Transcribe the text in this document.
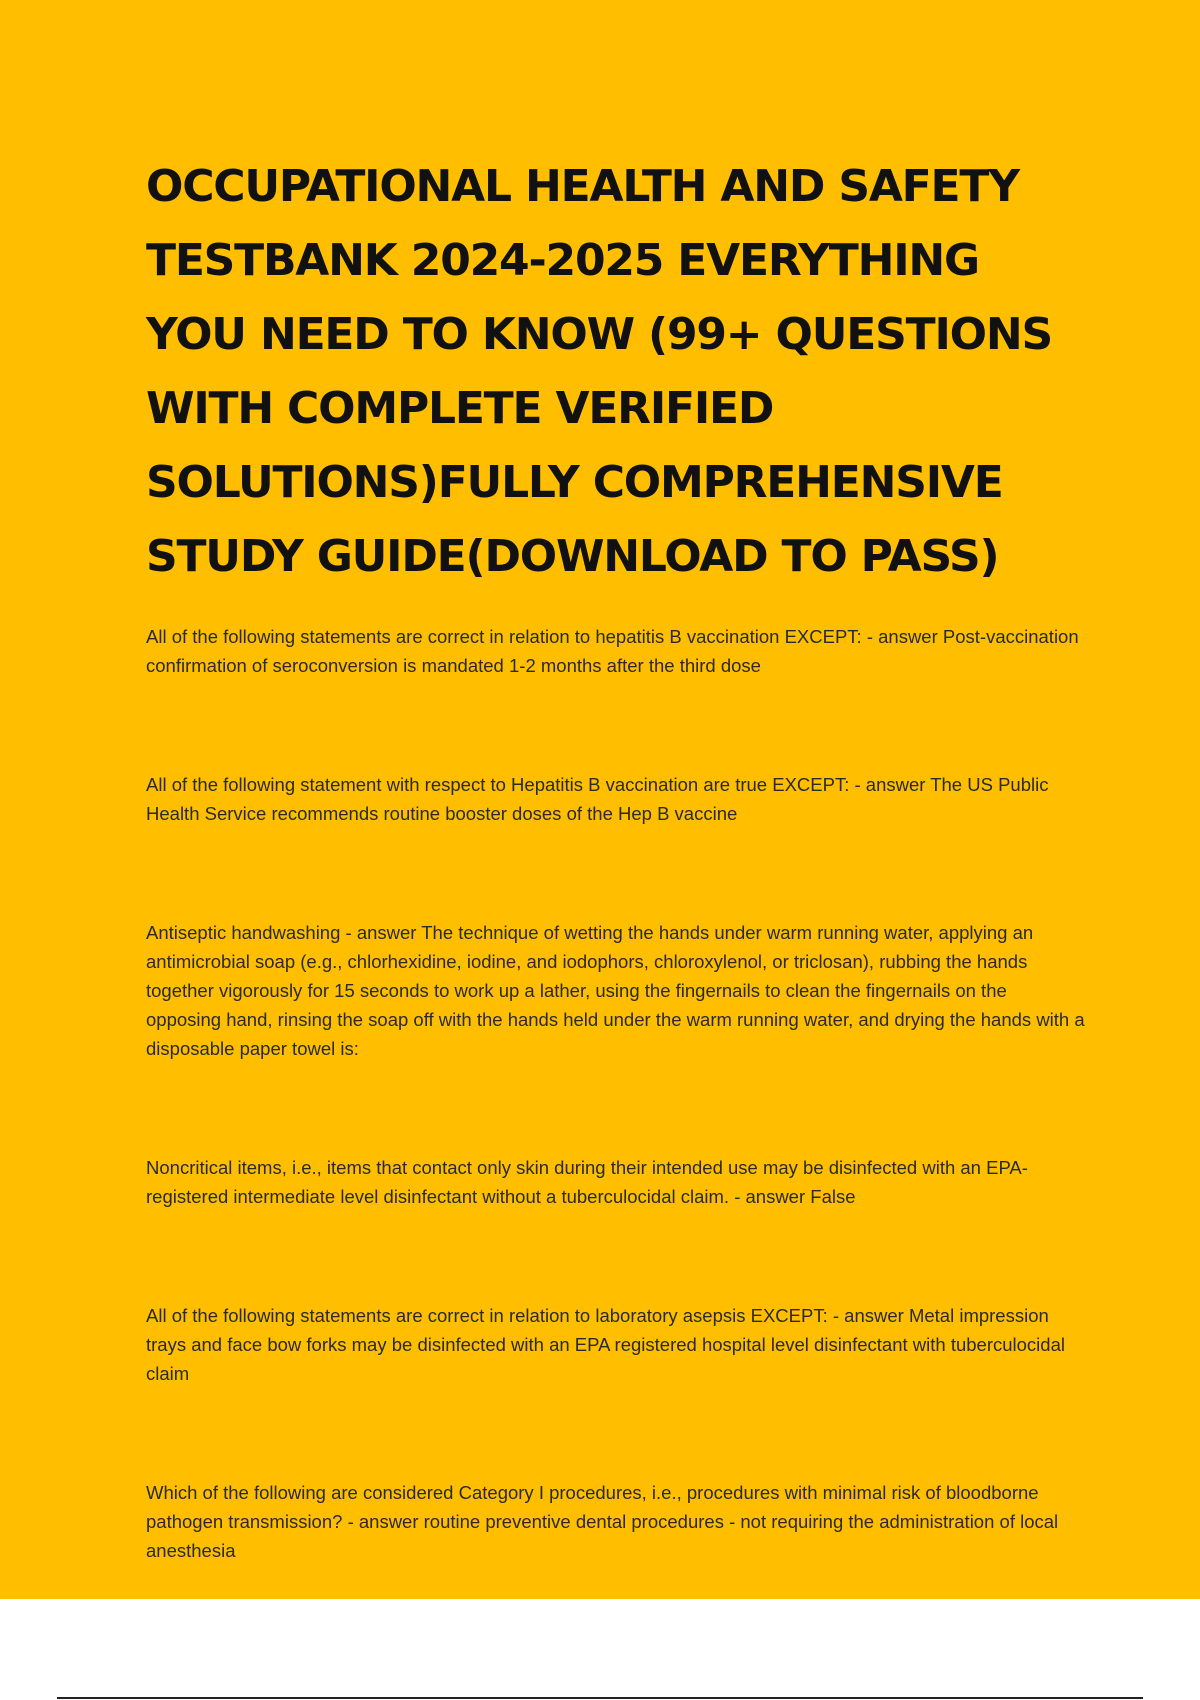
OCCUPATIONAL HEALTH AND SAFETY TESTBANK 2024-2025 EVERYTHING YOU NEED TO KNOW (99+ QUESTIONS WITH COMPLETE VERIFIED SOLUTIONS)FULLY COMPREHENSIVE STUDY GUIDE(DOWNLOAD TO PASS)

All of the following statements are correct in relation to hepatitis B vaccination EXCEPT: - answer Post-vaccination confirmation of seroconversion is mandated 1-2 months after the third dose

All of the following statement with respect to Hepatitis B vaccination are true EXCEPT: - answer The US Public Health Service recommends routine booster doses of the Hep B vaccine

Antiseptic handwashing - answer The technique of wetting the hands under warm running water, applying an antimicrobial soap (e.g., chlorhexidine, iodine, and iodophors, chloroxylenol, or triclosan), rubbing the hands together vigorously for 15 seconds to work up a lather, using the fingernails to clean the fingernails on the opposing hand, rinsing the soap off with the hands held under the warm running water, and drying the hands with a disposable paper towel is:

Noncritical items, i.e., items that contact only skin during their intended use may be disinfected with an EPA-registered intermediate level disinfectant without a tuberculocidal claim. - answer False

All of the following statements are correct in relation to laboratory asepsis EXCEPT: - answer Metal impression trays and face bow forks may be disinfected with an EPA registered hospital level disinfectant with tuberculocidal claim

Which of the following are considered Category I procedures, i.e., procedures with minimal risk of bloodborne pathogen transmission? - answer routine preventive dental procedures - not requiring the administration of local anesthesia
